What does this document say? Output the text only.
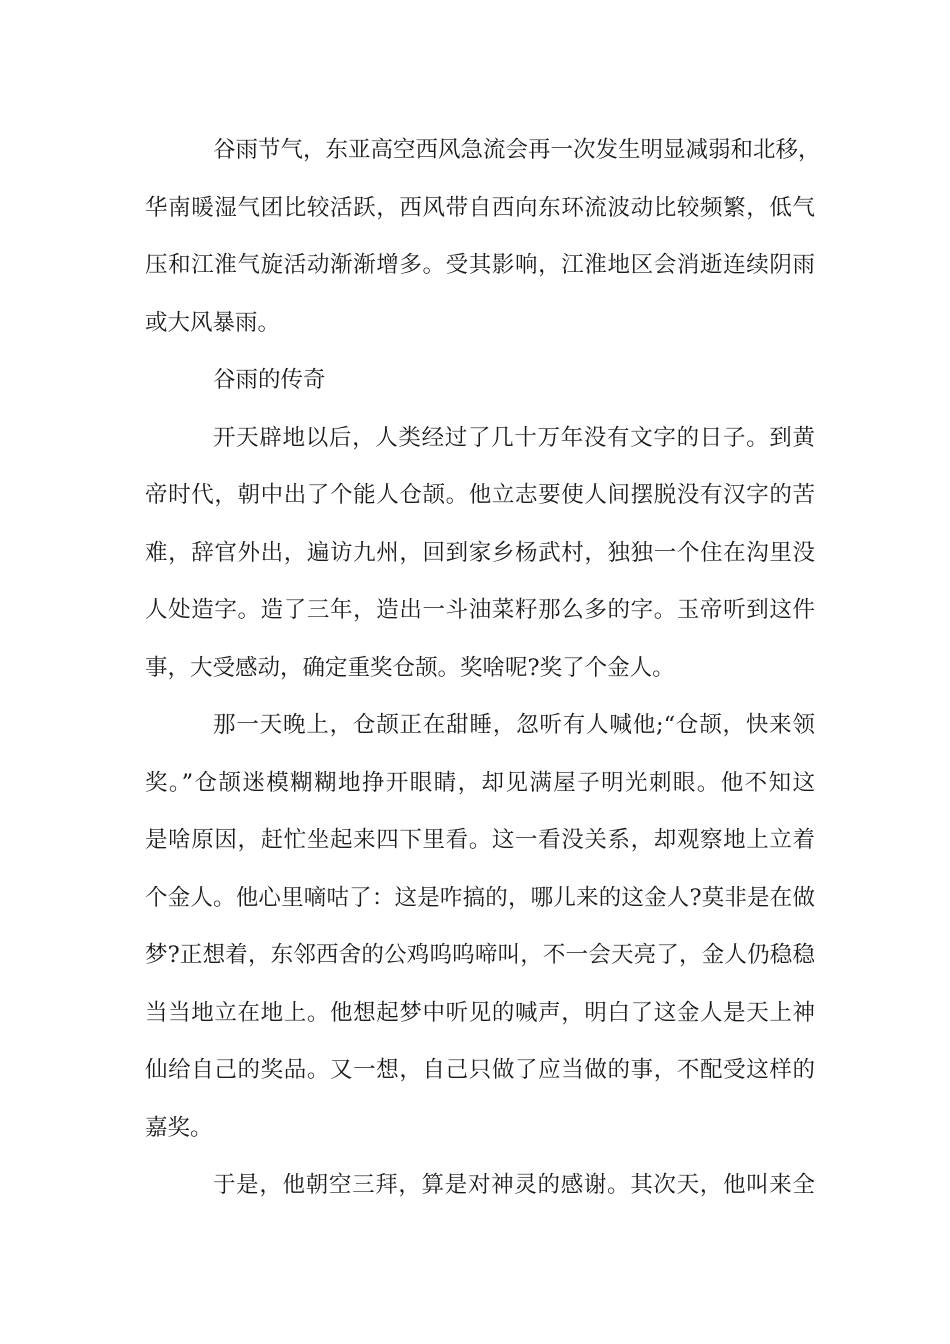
谷雨节气，东亚高空西风急流会再一次发生明显减弱和北移，
华南暖湿气团比较活跃，西风带自西向东环流波动比较频繁，低气
压和江淮气旋活动渐渐增多。受其影响，江淮地区会消逝连续阴雨
或大风暴雨。
谷雨的传奇
开天辟地以后，人类经过了几十万年没有文字的日子。到黄
帝时代，朝中出了个能人仓颉。他立志要使人间摆脱没有汉字的苦
难，辞官外出，遍访九州，回到家乡杨武村，独独一个住在沟里没
人处造字。造了三年，造出一斗油菜籽那么多的字。玉帝听到这件
事，大受感动，确定重奖仓颉。奖啥呢?奖了个金人。
那一天晚上，仓颉正在甜睡，忽听有人喊他;“仓颉，快来领
奖。”仓颉迷模糊糊地挣开眼睛，却见满屋子明光刺眼。他不知这
是啥原因，赶忙坐起来四下里看。这一看没关系，却观察地上立着
个金人。他心里嘀咕了：这是咋搞的，哪儿来的这金人?莫非是在做
梦?正想着，东邻西舍的公鸡呜呜啼叫，不一会天亮了，金人仍稳稳
当当地立在地上。他想起梦中听见的喊声，明白了这金人是天上神
仙给自己的奖品。又一想，自己只做了应当做的事，不配受这样的
嘉奖。
于是，他朝空三拜，算是对神灵的感谢。其次天，他叫来全
